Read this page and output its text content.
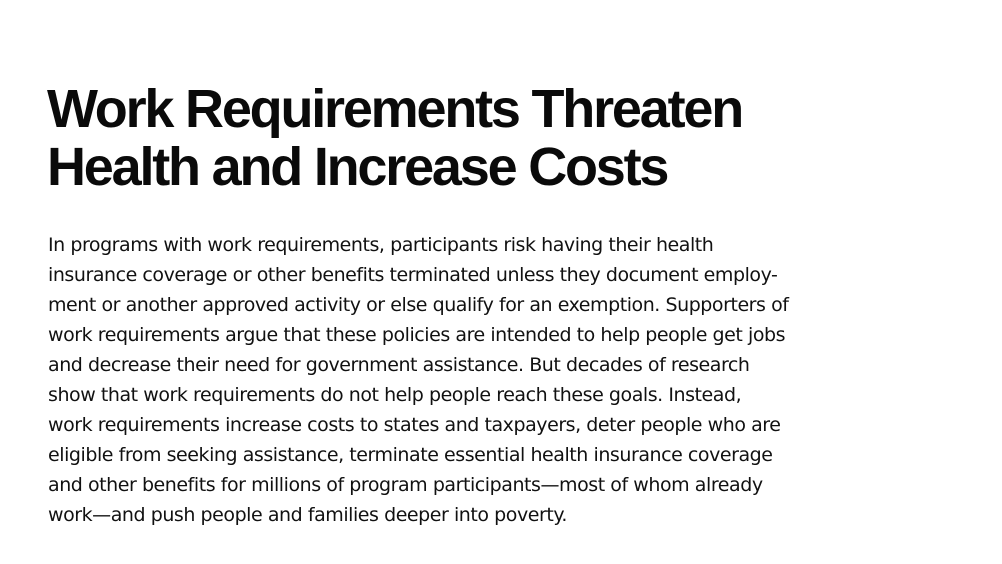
Work Requirements Threaten
Health and Increase Costs

In programs with work requirements, participants risk having their health
insurance coverage or other benefits terminated unless they document employ-
ment or another approved activity or else qualify for an exemption. Supporters of
work requirements argue that these policies are intended to help people get jobs
and decrease their need for government assistance. But decades of research
show that work requirements do not help people reach these goals. Instead,
work requirements increase costs to states and taxpayers, deter people who are
eligible from seeking assistance, terminate essential health insurance coverage
and other benefits for millions of program participants—most of whom already
work—and push people and families deeper into poverty.
